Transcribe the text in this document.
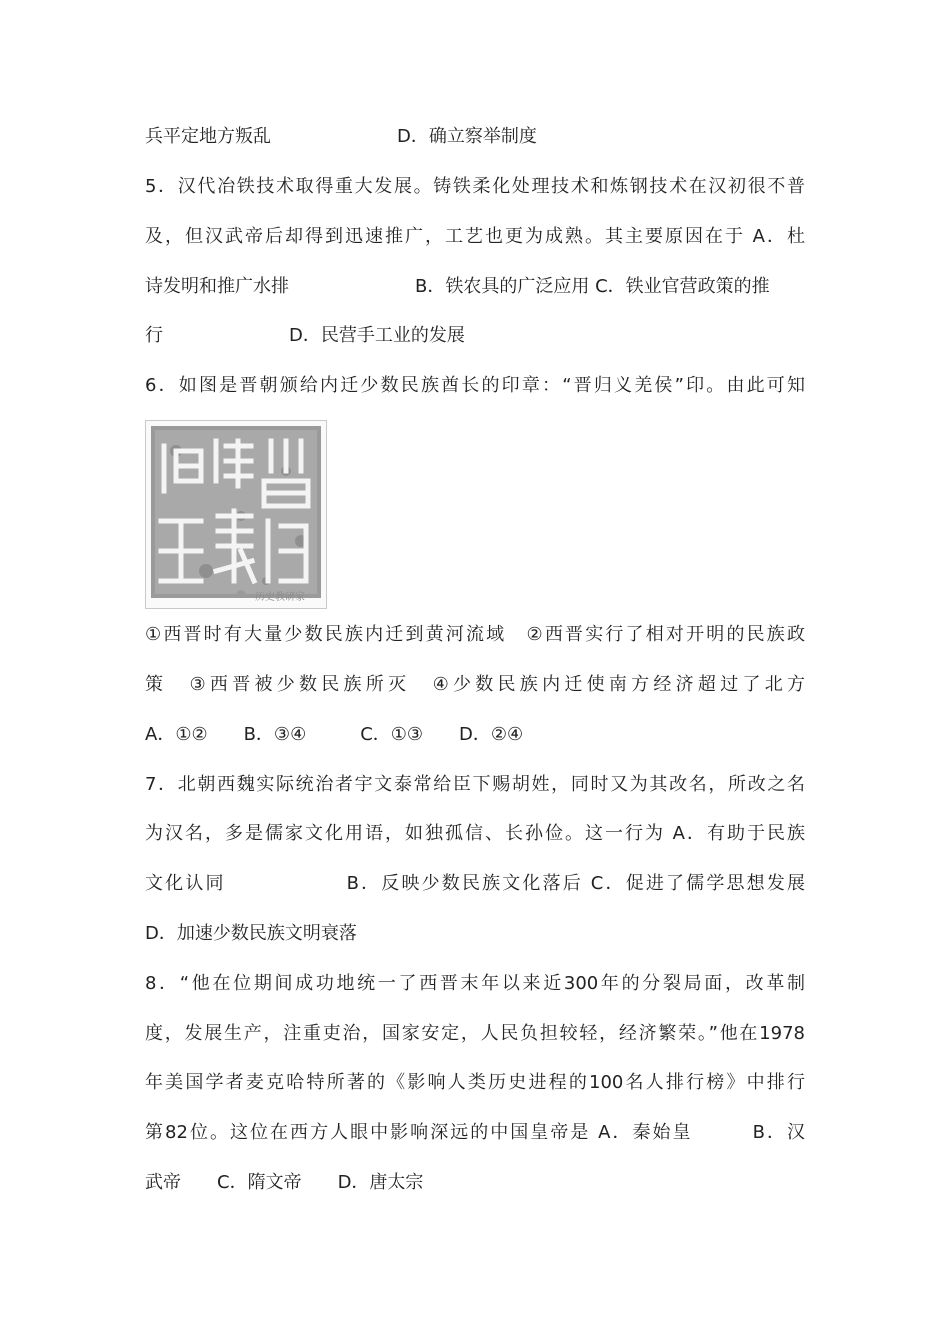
兵平定地方叛乱　　　　　　　D．确立察举制度
5．汉代冶铁技术取得重大发展。铸铁柔化处理技术和炼钢技术在汉初很不普
及，但汉武帝后却得到迅速推广，工艺也更为成熟。其主要原因在于 A．杜
诗发明和推广水排　　　　　　　B．铁农具的广泛应用 C．铁业官营政策的推
行　　　　　　　D．民营手工业的发展
6．如图是晋朝颁给内迁少数民族酋长的印章：“晋归义羌侯”印。由此可知
历史教研家
①西晋时有大量少数民族内迁到黄河流域　②西晋实行了相对开明的民族政
策　③西晋被少数民族所灭　④少数民族内迁使南方经济超过了北方
A．①②　　B．③④　　　C．①③　　D．②④
7．北朝西魏实际统治者宇文泰常给臣下赐胡姓，同时又为其改名，所改之名
为汉名，多是儒家文化用语，如独孤信、长孙俭。这一行为 A．有助于民族
文化认同　　　　　　B．反映少数民族文化落后 C．促进了儒学思想发展
D．加速少数民族文明衰落
8．“他在位期间成功地统一了西晋末年以来近300年的分裂局面，改革制
度，发展生产，注重吏治，国家安定，人民负担较轻，经济繁荣。”他在1978
年美国学者麦克哈特所著的《影响人类历史进程的100名人排行榜》中排行
第82位。这位在西方人眼中影响深远的中国皇帝是 A．秦始皇　　　B．汉
武帝　　C．隋文帝　　D．唐太宗
